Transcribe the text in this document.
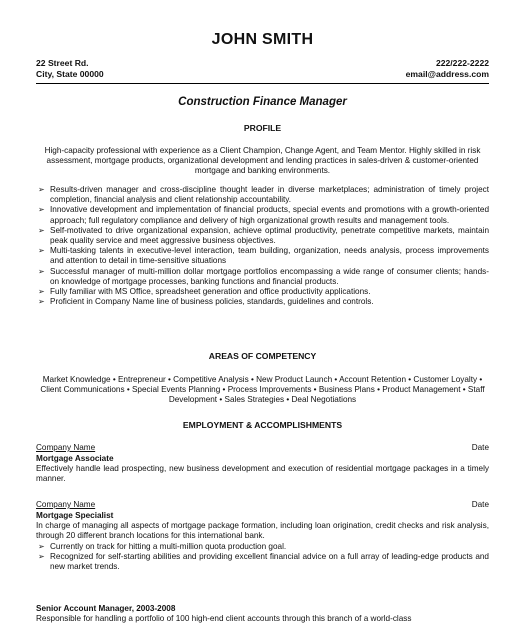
JOHN SMITH
22 Street Rd.
City, State 00000
222/222-2222
email@address.com
Construction Finance Manager
PROFILE
High-capacity professional with experience as a Client Champion, Change Agent, and Team Mentor. Highly skilled in risk assessment, mortgage products, organizational development and lending practices in sales-driven & customer-oriented mortgage and banking environments.
➢ Results-driven manager and cross-discipline thought leader in diverse marketplaces; administration of timely project completion, financial analysis and client relationship accountability.
➢ Innovative development and implementation of financial products, special events and promotions with a growth-oriented approach; full regulatory compliance and delivery of high organizational growth results and management tools.
➢ Self-motivated to drive organizational expansion, achieve optimal productivity, penetrate competitive markets, maintain peak quality service and meet aggressive business objectives.
➢ Multi-tasking talents in executive-level interaction, team building, organization, needs analysis, process improvements and attention to detail in time-sensitive situations
➢ Successful manager of multi-million dollar mortgage portfolios encompassing a wide range of consumer clients; hands-on knowledge of mortgage processes, banking functions and financial products.
➢ Fully familiar with MS Office, spreadsheet generation and office productivity applications.
➢ Proficient in Company Name line of business policies, standards, guidelines and controls.
AREAS OF COMPETENCY
Market Knowledge • Entrepreneur • Competitive Analysis • New Product Launch • Account Retention • Customer Loyalty • Client Communications • Special Events Planning • Process Improvements • Business Plans • Product Management • Staff Development • Sales Strategies • Deal Negotiations
EMPLOYMENT & ACCOMPLISHMENTS
Company Name	Date
Mortgage Associate
Effectively handle lead prospecting, new business development and execution of residential mortgage packages in a timely manner.
Company Name	Date
Mortgage Specialist
In charge of managing all aspects of mortgage package formation, including loan origination, credit checks and risk analysis, through 20 different branch locations for this international bank.
➢ Currently on track for hitting a multi-million quota production goal.
➢ Recognized for self-starting abilities and providing excellent financial advice on a full array of leading-edge products and new market trends.
Senior Account Manager, 2003-2008
Responsible for handling a portfolio of 100 high-end client accounts through this branch of a world-class
